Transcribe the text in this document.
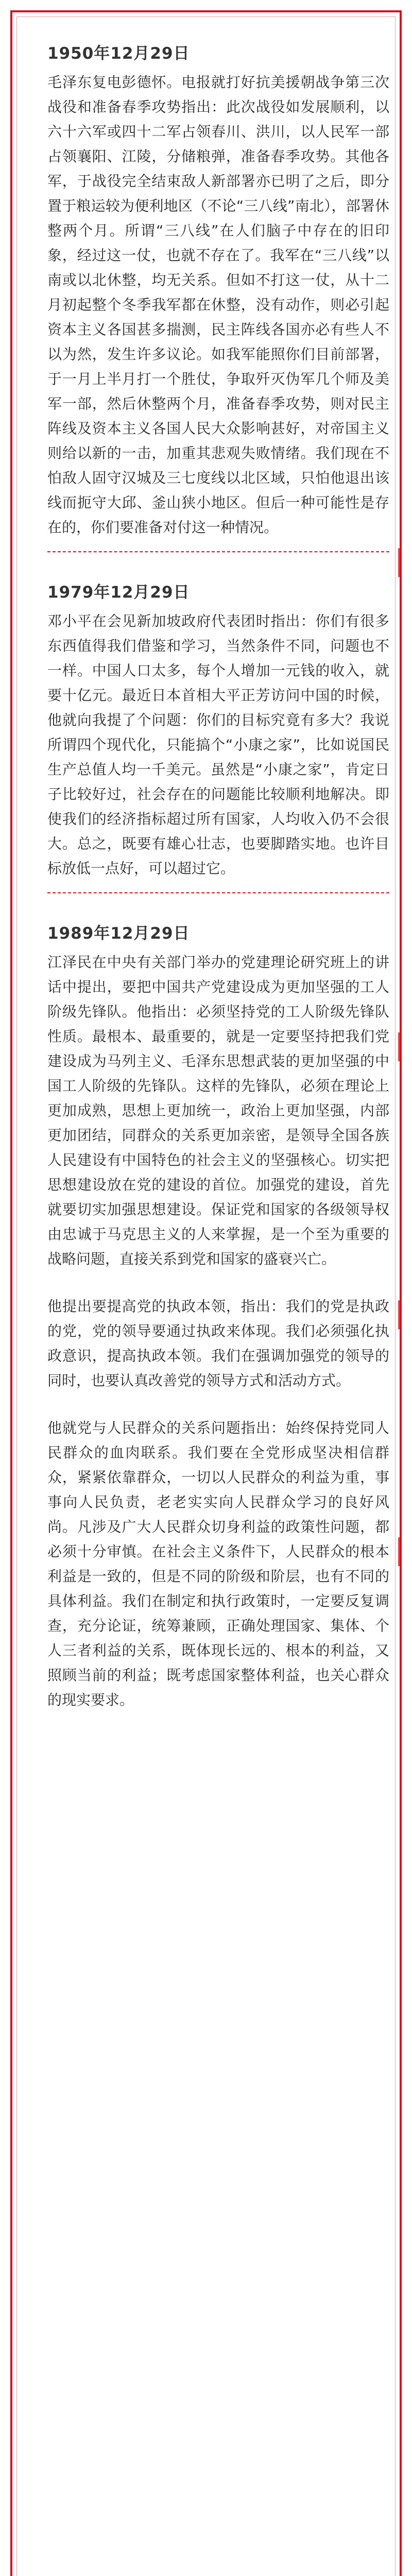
1950年12月29日

毛泽东复电彭德怀。电报就打好抗美援朝战争第三次战役和准备春季攻势指出：此次战役如发展顺利，以六十六军或四十二军占领春川、洪川，以人民军一部占领襄阳、江陵，分储粮弹，准备春季攻势。其他各军，于战役完全结束敌人新部署亦已明了之后，即分置于粮运较为便利地区（不论“三八线”南北），部署休整两个月。所谓“三八线”在人们脑子中存在的旧印象，经过这一仗，也就不存在了。我军在“三八线”以南或以北休整，均无关系。但如不打这一仗，从十二月初起整个冬季我军都在休整，没有动作，则必引起资本主义各国甚多揣测，民主阵线各国亦必有些人不以为然，发生许多议论。如我军能照你们目前部署，于一月上半月打一个胜仗，争取歼灭伪军几个师及美军一部，然后休整两个月，准备春季攻势，则对民主阵线及资本主义各国人民大众影响甚好，对帝国主义则给以新的一击，加重其悲观失败情绪。我们现在不怕敌人固守汉城及三七度线以北区域，只怕他退出该线而扼守大邱、釜山狭小地区。但后一种可能性是存在的，你们要准备对付这一种情况。

1979年12月29日

邓小平在会见新加坡政府代表团时指出：你们有很多东西值得我们借鉴和学习，当然条件不同，问题也不一样。中国人口太多，每个人增加一元钱的收入，就要十亿元。最近日本首相大平正芳访问中国的时候，他就向我提了个问题：你们的目标究竟有多大？我说所谓四个现代化，只能搞个“小康之家”，比如说国民生产总值人均一千美元。虽然是“小康之家”，肯定日子比较好过，社会存在的问题能比较顺利地解决。即使我们的经济指标超过所有国家，人均收入仍不会很大。总之，既要有雄心壮志，也要脚踏实地。也许目标放低一点好，可以超过它。

1989年12月29日

江泽民在中央有关部门举办的党建理论研究班上的讲话中提出，要把中国共产党建设成为更加坚强的工人阶级先锋队。他指出：必须坚持党的工人阶级先锋队性质。最根本、最重要的，就是一定要坚持把我们党建设成为马列主义、毛泽东思想武装的更加坚强的中国工人阶级的先锋队。这样的先锋队，必须在理论上更加成熟，思想上更加统一，政治上更加坚强，内部更加团结，同群众的关系更加亲密，是领导全国各族人民建设有中国特色的社会主义的坚强核心。切实把思想建设放在党的建设的首位。加强党的建设，首先就要切实加强思想建设。保证党和国家的各级领导权由忠诚于马克思主义的人来掌握，是一个至为重要的战略问题，直接关系到党和国家的盛衰兴亡。

他提出要提高党的执政本领，指出：我们的党是执政的党，党的领导要通过执政来体现。我们必须强化执政意识，提高执政本领。我们在强调加强党的领导的同时，也要认真改善党的领导方式和活动方式。

他就党与人民群众的关系问题指出：始终保持党同人民群众的血肉联系。我们要在全党形成坚决相信群众，紧紧依靠群众，一切以人民群众的利益为重，事事向人民负责，老老实实向人民群众学习的良好风尚。凡涉及广大人民群众切身利益的政策性问题，都必须十分审慎。在社会主义条件下，人民群众的根本利益是一致的，但是不同的阶级和阶层，也有不同的具体利益。我们在制定和执行政策时，一定要反复调查，充分论证，统筹兼顾，正确处理国家、集体、个人三者利益的关系，既体现长远的、根本的利益，又照顾当前的利益；既考虑国家整体利益，也关心群众的现实要求。
